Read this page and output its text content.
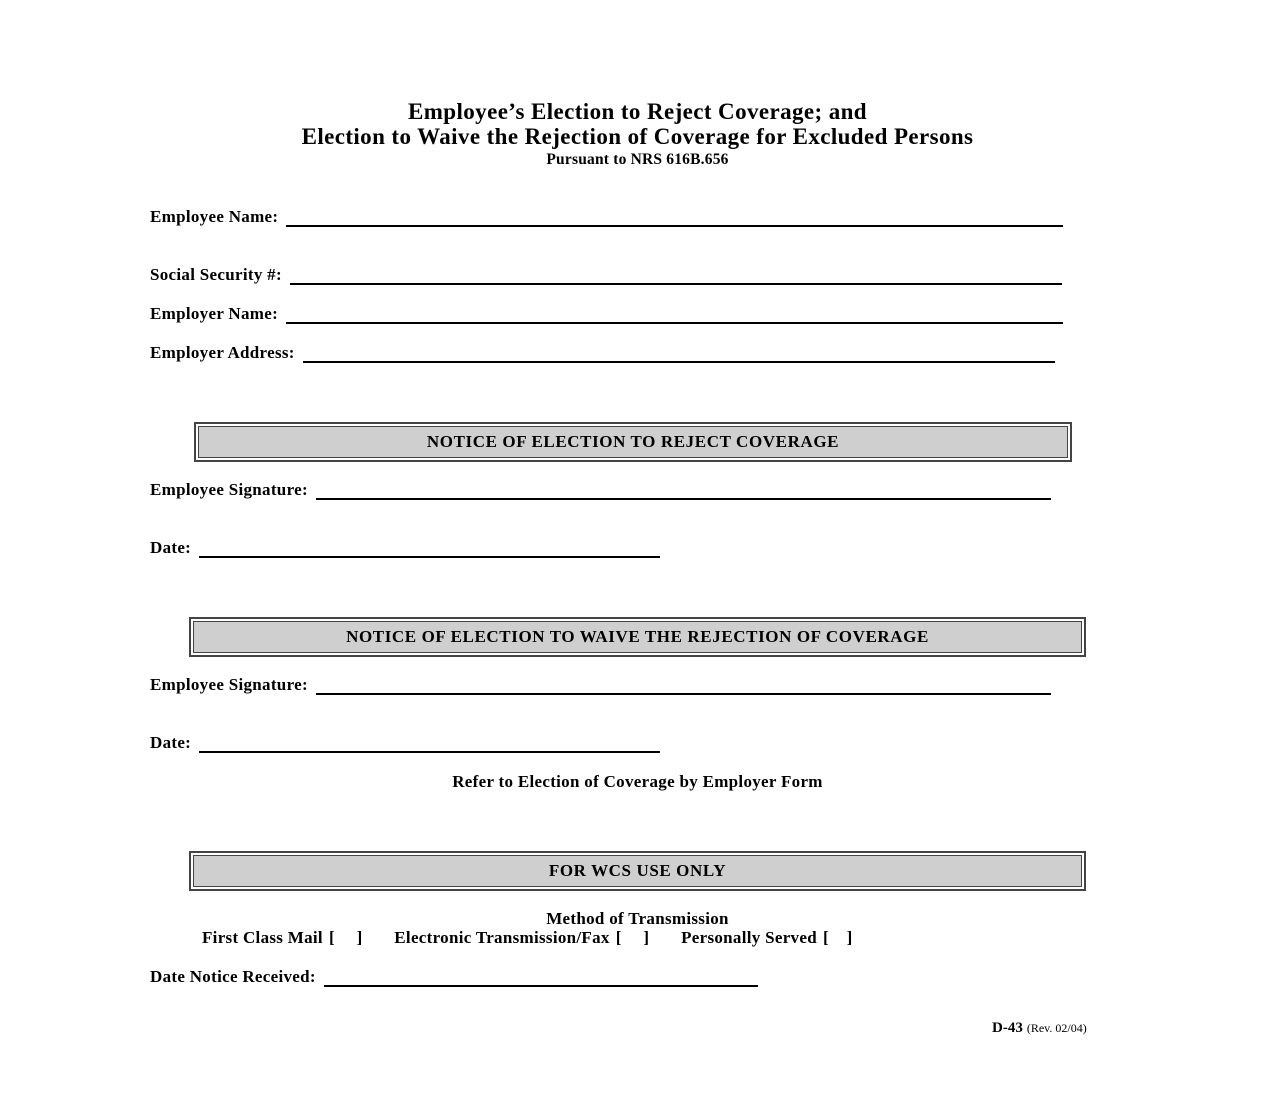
Employee’s Election to Reject Coverage; and
Election to Waive the Rejection of Coverage for Excluded Persons
Pursuant to NRS 616B.656
Employee Name:
Social Security #:
Employer Name:
Employer Address:
NOTICE OF ELECTION TO REJECT COVERAGE
Employee Signature:
Date:
NOTICE OF ELECTION TO WAIVE THE REJECTION OF COVERAGE
Employee Signature:
Date:
Refer to Election of Coverage by Employer Form
FOR WCS USE ONLY
Method of Transmission
First Class Mail [ ] Electronic Transmission/Fax [ ] Personally Served [ ]
Date Notice Received:
D-43 (Rev. 02/04)
